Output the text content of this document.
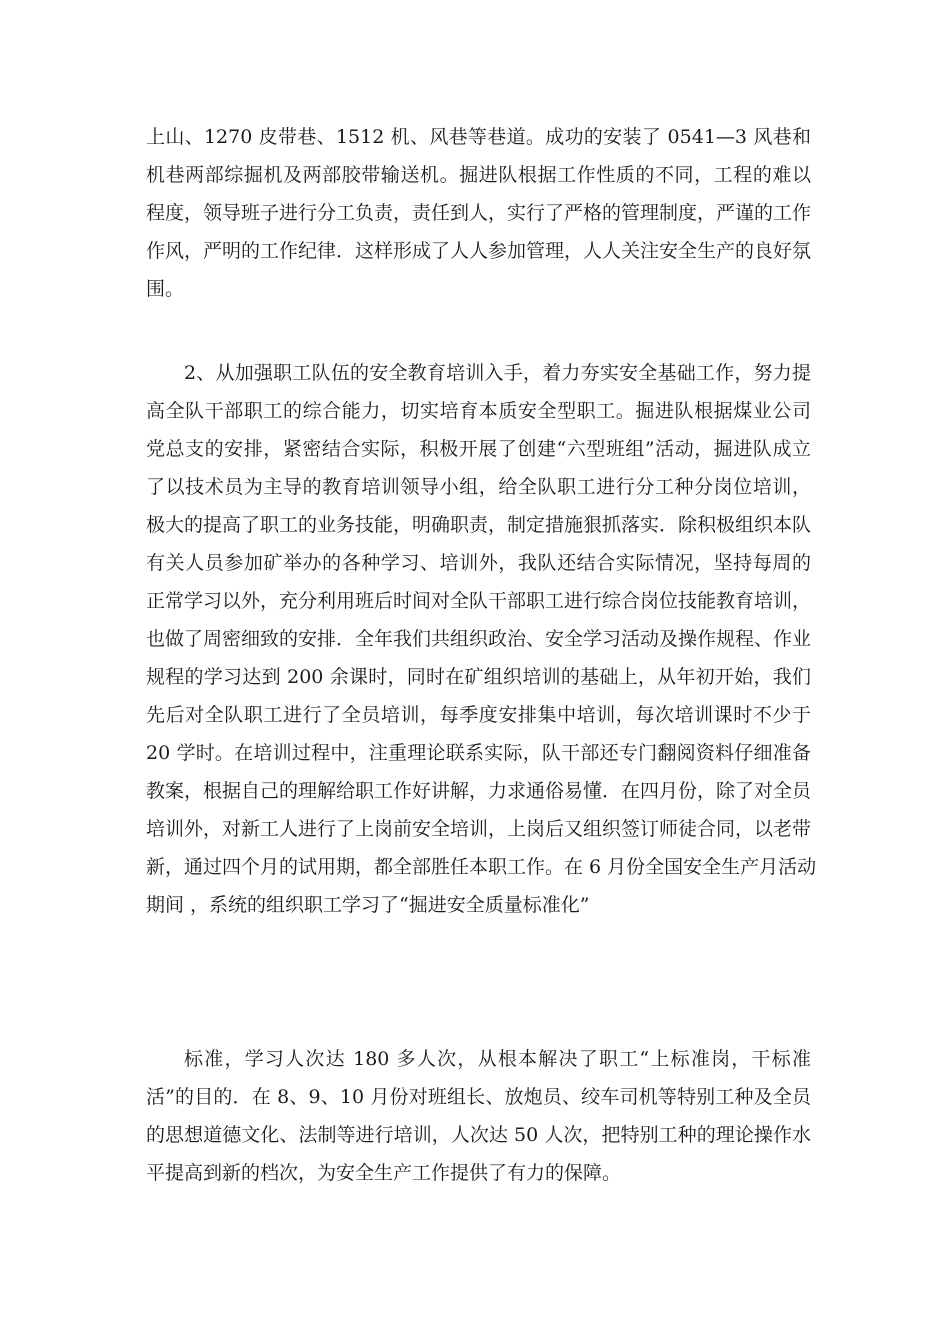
上山、1270 皮带巷、1512 机、风巷等巷道。成功的安装了 0541—3 风巷和
机巷两部综掘机及两部胶带输送机。掘进队根据工作性质的不同，工程的难以
程度，领导班子进行分工负责，责任到人，实行了严格的管理制度，严谨的工作
作风，严明的工作纪律．这样形成了人人参加管理，人人关注安全生产的良好氛
围。
2、从加强职工队伍的安全教育培训入手，着力夯实安全基础工作，努力提
高全队干部职工的综合能力，切实培育本质安全型职工。掘进队根据煤业公司
党总支的安排，紧密结合实际，积极开展了创建“六型班组”活动，掘进队成立
了以技术员为主导的教育培训领导小组，给全队职工进行分工种分岗位培训，
极大的提高了职工的业务技能，明确职责，制定措施狠抓落实．除积极组织本队
有关人员参加矿举办的各种学习、培训外，我队还结合实际情况，坚持每周的
正常学习以外，充分利用班后时间对全队干部职工进行综合岗位技能教育培训，
也做了周密细致的安排．全年我们共组织政治、安全学习活动及操作规程、作业
规程的学习达到 200 余课时，同时在矿组织培训的基础上，从年初开始，我们
先后对全队职工进行了全员培训，每季度安排集中培训，每次培训课时不少于
20 学时。在培训过程中，注重理论联系实际，队干部还专门翻阅资料仔细准备
教案，根据自己的理解给职工作好讲解，力求通俗易懂．在四月份，除了对全员
培训外，对新工人进行了上岗前安全培训，上岗后又组织签订师徒合同，以老带
新，通过四个月的试用期，都全部胜任本职工作。在 6 月份全国安全生产月活动
期间 ，系统的组织职工学习了“掘进安全质量标准化”
标准，学习人次达 180 多人次，从根本解决了职工“上标准岗，干标准
活”的目的．在 8、9、10 月份对班组长、放炮员、绞车司机等特别工种及全员
的思想道德文化、法制等进行培训，人次达 50 人次，把特别工种的理论操作水
平提高到新的档次，为安全生产工作提供了有力的保障。
